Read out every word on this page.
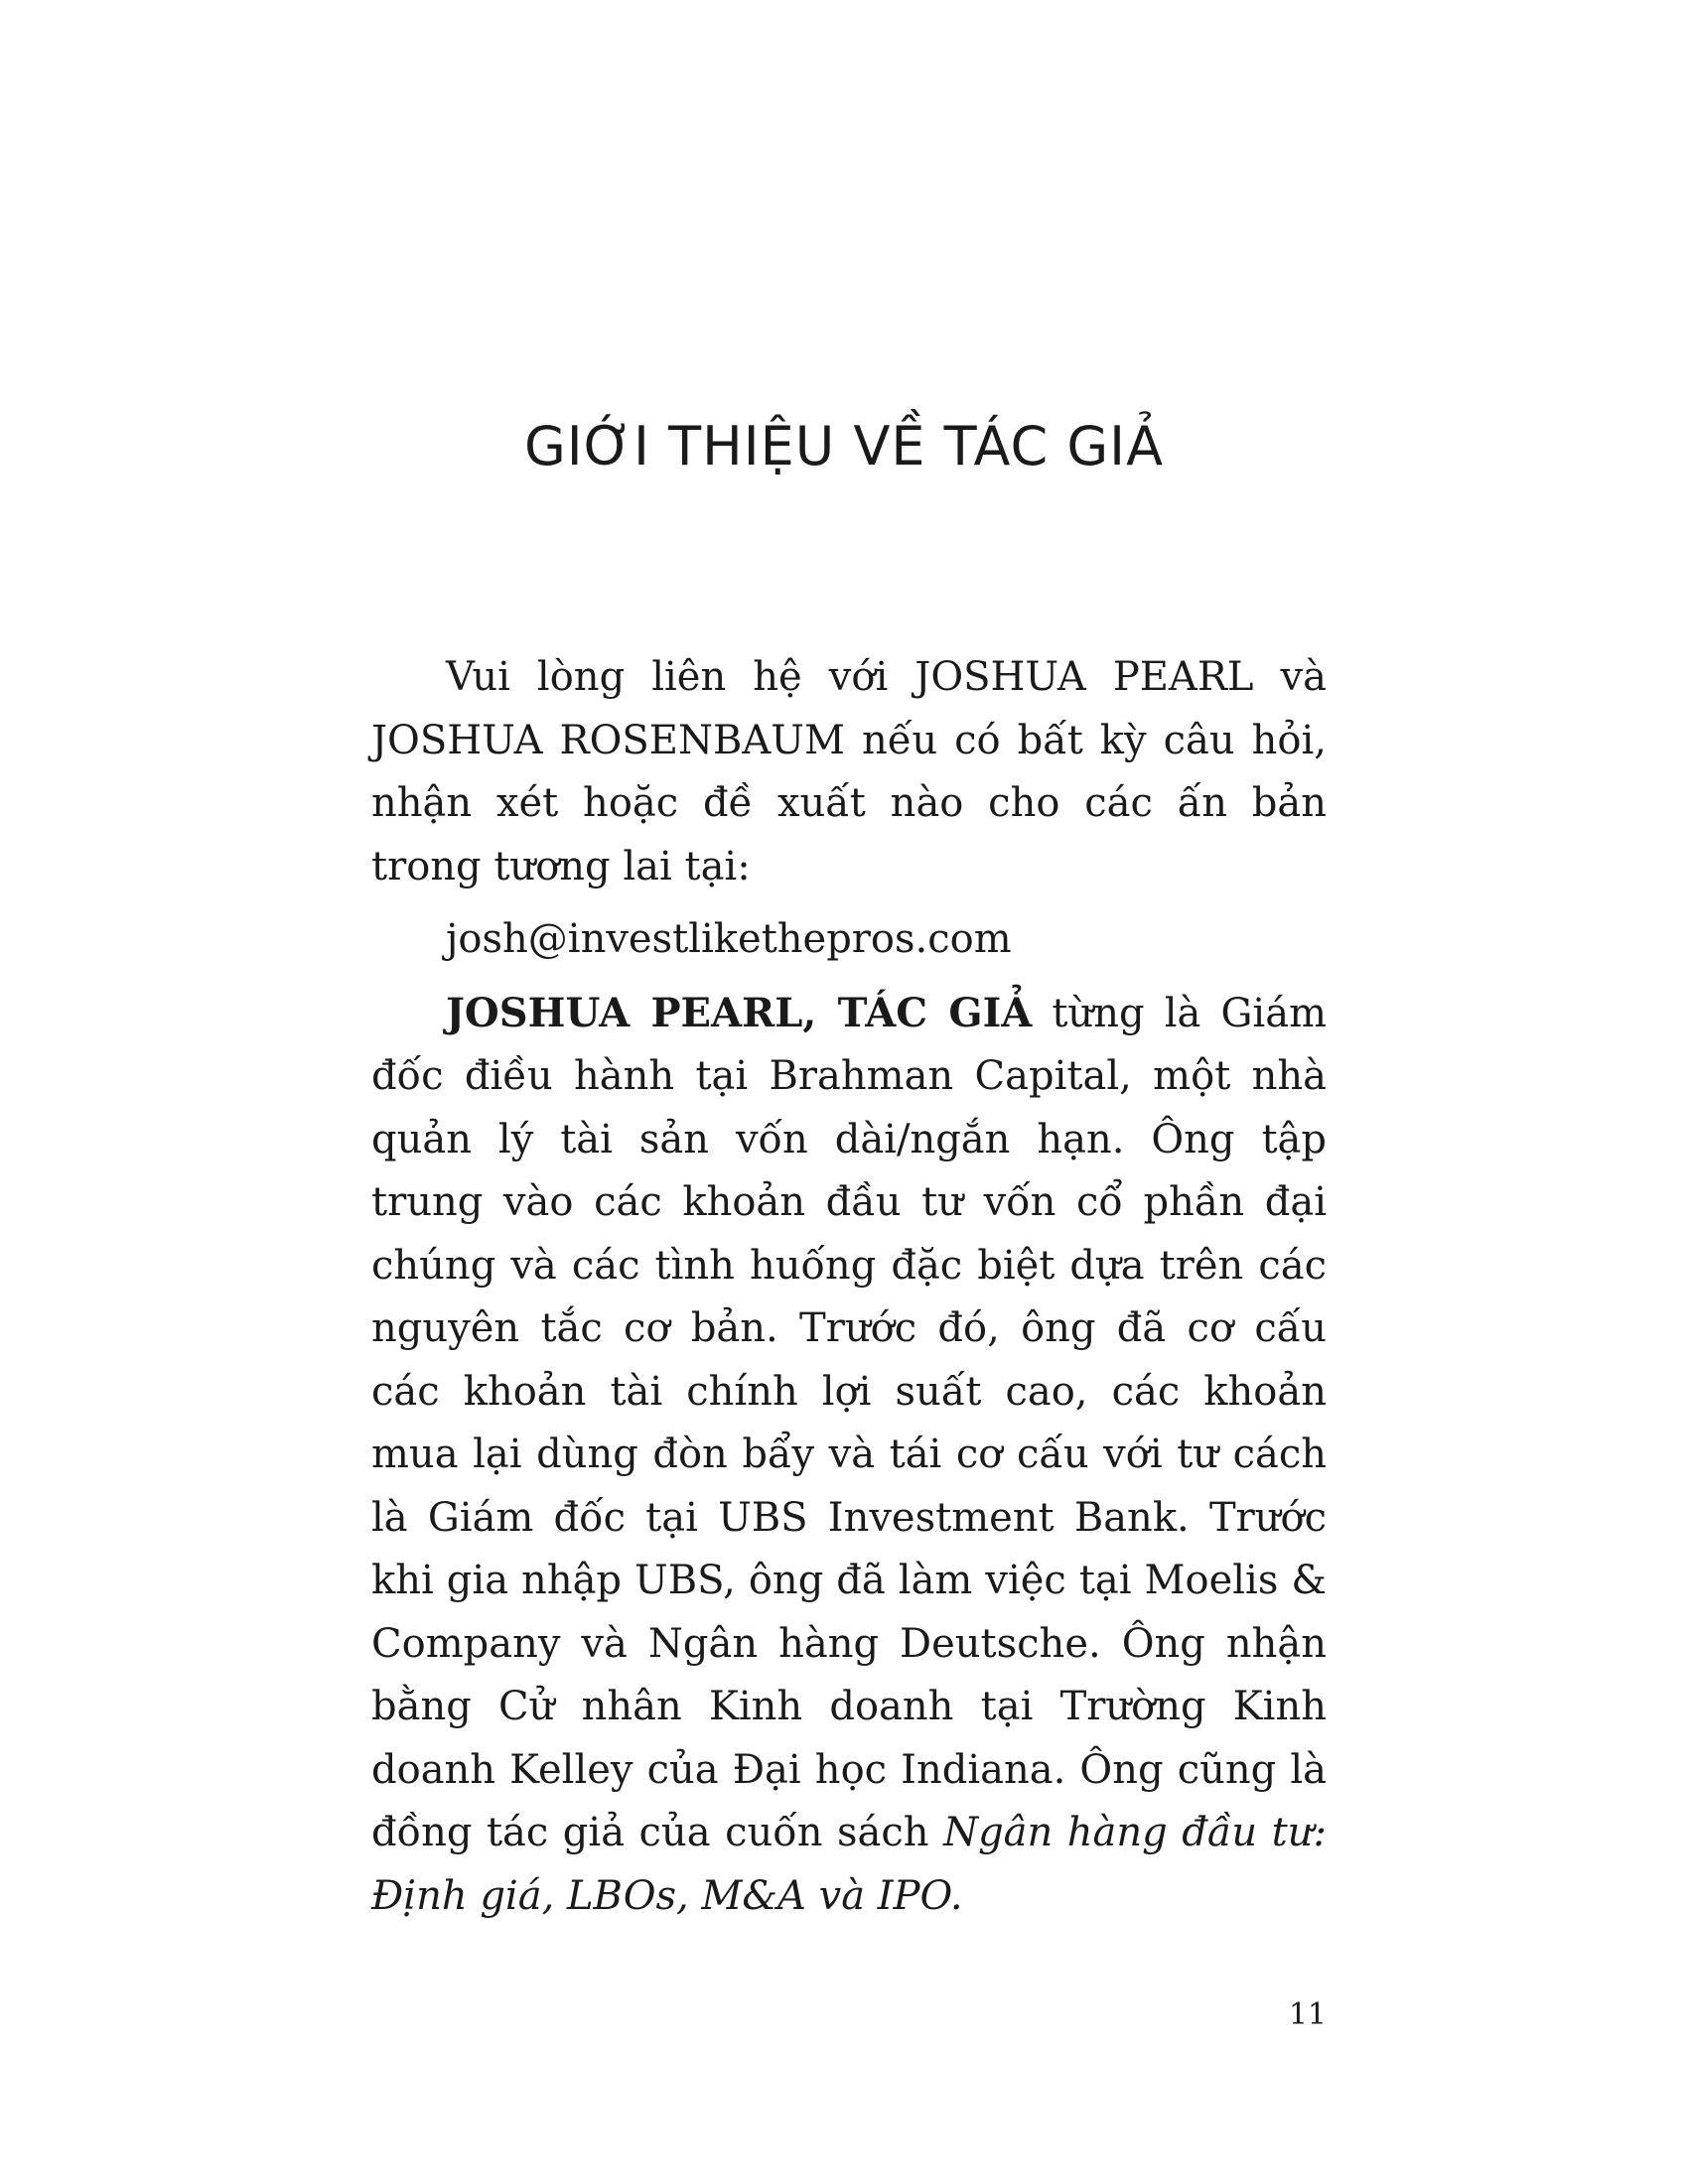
GIỚI THIỆU VỀ TÁC GIẢ

Vui lòng liên hệ với JOSHUA PEARL và JOSHUA ROSENBAUM nếu có bất kỳ câu hỏi, nhận xét hoặc đề xuất nào cho các ấn bản trong tương lai tại:

josh@investlikethepros.com

JOSHUA PEARL, TÁC GIẢ từng là Giám đốc điều hành tại Brahman Capital, một nhà quản lý tài sản vốn dài/ngắn hạn. Ông tập trung vào các khoản đầu tư vốn cổ phần đại chúng và các tình huống đặc biệt dựa trên các nguyên tắc cơ bản. Trước đó, ông đã cơ cấu các khoản tài chính lợi suất cao, các khoản mua lại dùng đòn bẩy và tái cơ cấu với tư cách là Giám đốc tại UBS Investment Bank. Trước khi gia nhập UBS, ông đã làm việc tại Moelis & Company và Ngân hàng Deutsche. Ông nhận bằng Cử nhân Kinh doanh tại Trường Kinh doanh Kelley của Đại học Indiana. Ông cũng là đồng tác giả của cuốn sách Ngân hàng đầu tư: Định giá, LBOs, M&A và IPO.

11
